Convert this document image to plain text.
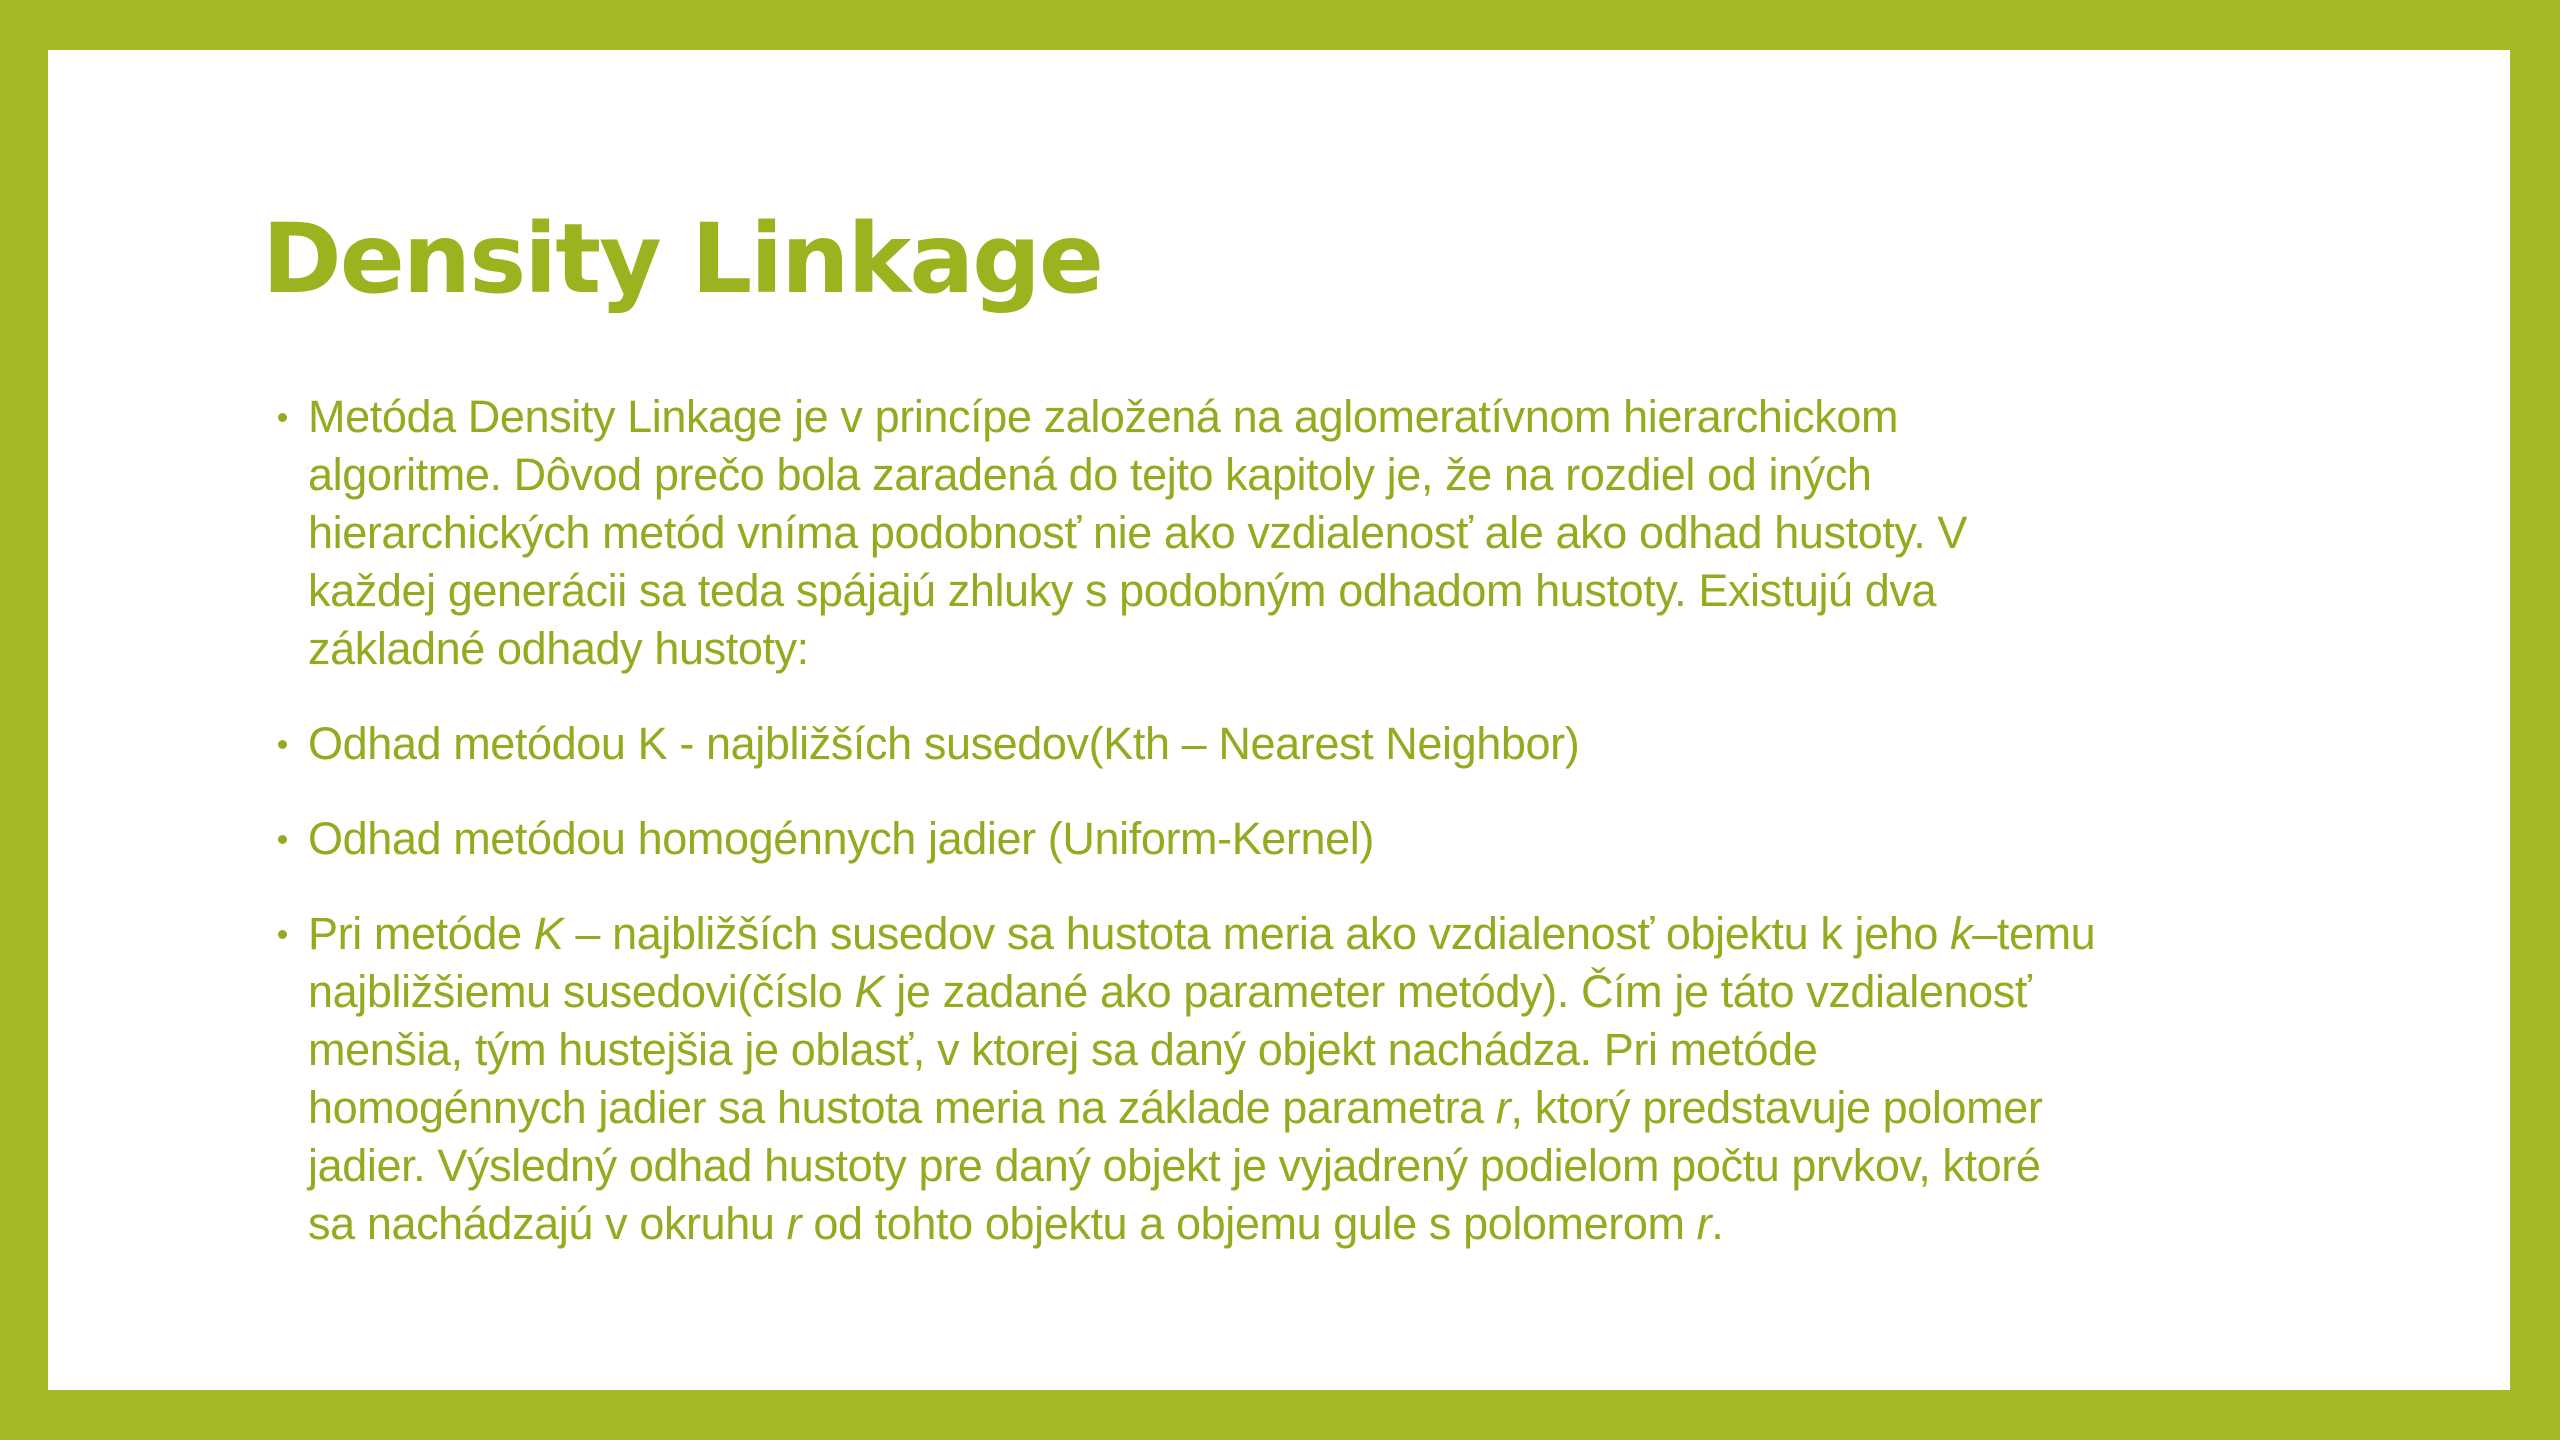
Density Linkage
Metóda Density Linkage je v princípe založená na aglomeratívnom hierarchickom
algoritme. Dôvod prečo bola zaradená do tejto kapitoly je, že na rozdiel od iných
hierarchických metód vníma podobnosť nie ako vzdialenosť ale ako odhad hustoty. V
každej generácii sa teda spájajú zhluky s podobným odhadom hustoty. Existujú dva
základné odhady hustoty:
Odhad metódou K - najbližších susedov(Kth – Nearest Neighbor)
Odhad metódou homogénnych jadier (Uniform-Kernel)
Pri metóde K – najbližších susedov sa hustota meria ako vzdialenosť objektu k jeho k–temu
najbližšiemu susedovi(číslo K je zadané ako parameter metódy). Čím je táto vzdialenosť
menšia, tým hustejšia je oblasť, v ktorej sa daný objekt nachádza. Pri metóde
homogénnych jadier sa hustota meria na základe parametra r, ktorý predstavuje polomer
jadier. Výsledný odhad hustoty pre daný objekt je vyjadrený podielom počtu prvkov, ktoré
sa nachádzajú v okruhu r od tohto objektu a objemu gule s polomerom r.
